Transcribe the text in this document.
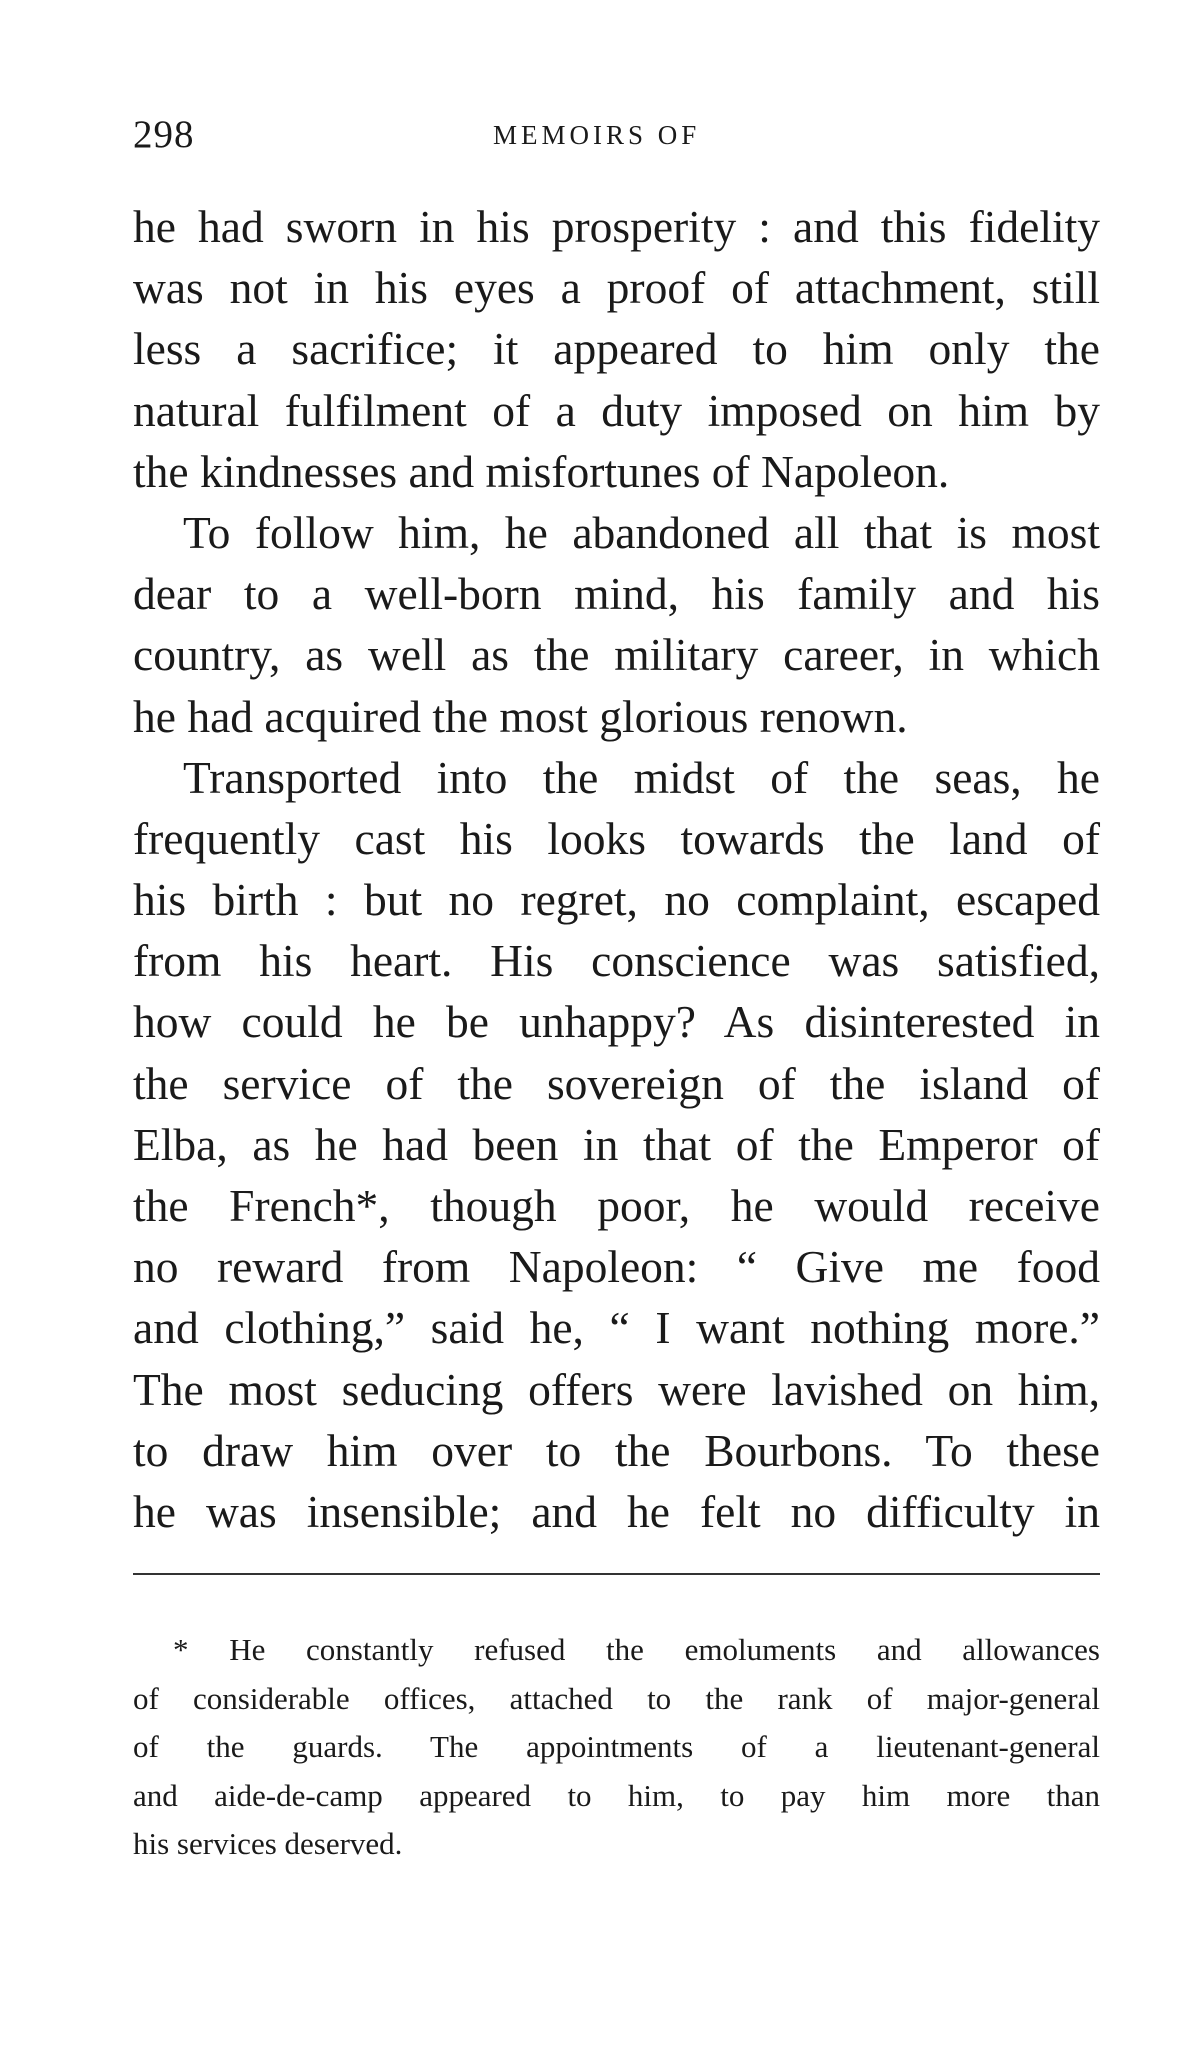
298	MEMOIRS OF
he had sworn in his prosperity : and this fidelity
was not in his eyes a proof of attachment, still
less a sacrifice; it appeared to him only the
natural fulfilment of a duty imposed on him by
the kindnesses and misfortunes of Napoleon.
To follow him, he abandoned all that is most
dear to a well-born mind, his family and his
country, as well as the military career, in which
he had acquired the most glorious renown.
Transported into the midst of the seas, he
frequently cast his looks towards the land of
his birth : but no regret, no complaint, escaped
from his heart. His conscience was satisfied,
how could he be unhappy? As disinterested in
the service of the sovereign of the island of
Elba, as he had been in that of the Emperor of
the French*, though poor, he would receive
no reward from Napoleon: “ Give me food
and clothing,” said he, “ I want nothing more.”
The most seducing offers were lavished on him,
to draw him over to the Bourbons. To these
he was insensible; and he felt no difficulty in
* He constantly refused the emoluments and allowances
of considerable offices, attached to the rank of major-general
of the guards. The appointments of a lieutenant-general
and aide-de-camp appeared to him, to pay him more than
his services deserved.
